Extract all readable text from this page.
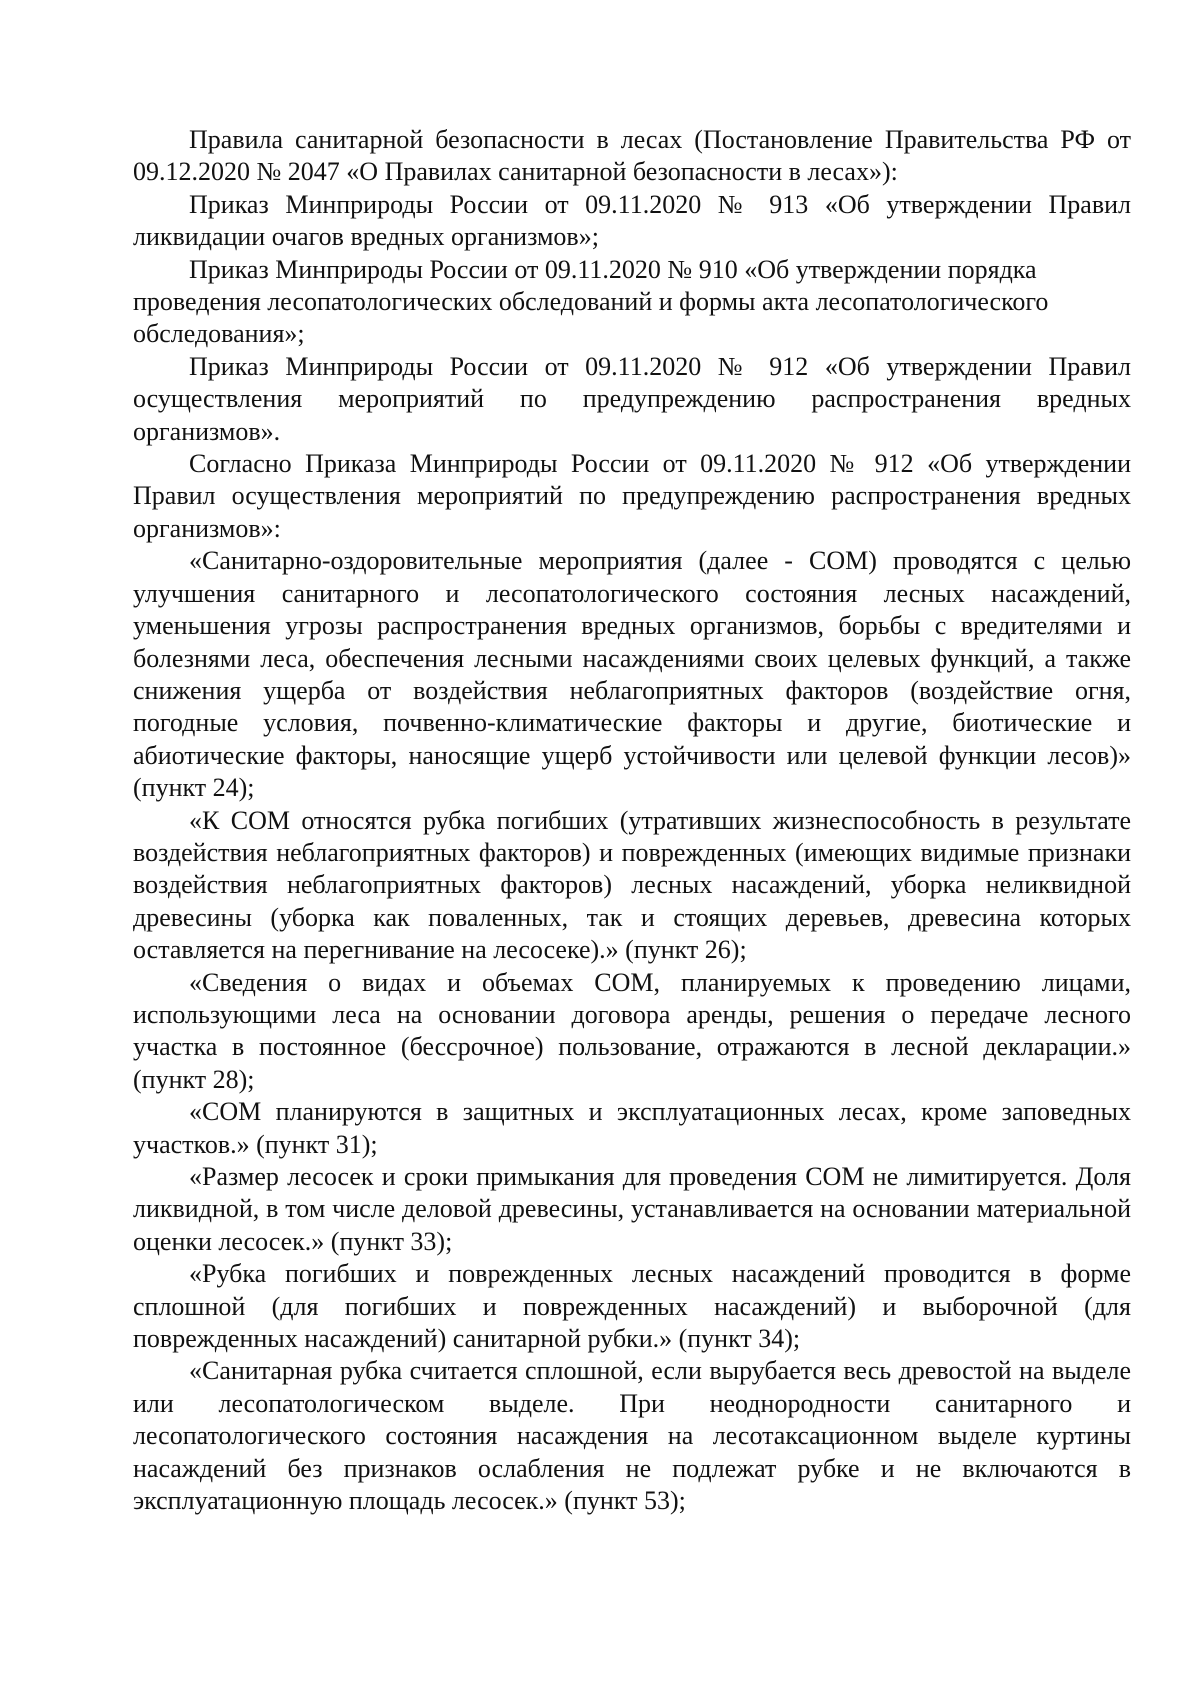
Правила санитарной безопасности в лесах (Постановление Правительства РФ от 09.12.2020 № 2047 «О Правилах санитарной безопасности в лесах»):

Приказ Минприроды России от 09.11.2020 № 913 «Об утверждении Правил ликвидации очагов вредных организмов»;

Приказ Минприроды России от 09.11.2020 № 910 «Об утверждении порядка проведения лесопатологических обследований и формы акта лесопатологического обследования»;

Приказ Минприроды России от 09.11.2020 № 912 «Об утверждении Правил осуществления мероприятий по предупреждению распространения вредных организмов».

Согласно Приказа Минприроды России от 09.11.2020 № 912 «Об утверждении Правил осуществления мероприятий по предупреждению распространения вредных организмов»:

«Санитарно-оздоровительные мероприятия (далее - СОМ) проводятся с целью улучшения санитарного и лесопатологического состояния лесных насаждений, уменьшения угрозы распространения вредных организмов, борьбы с вредителями и болезнями леса, обеспечения лесными насаждениями своих целевых функций, а также снижения ущерба от воздействия неблагоприятных факторов (воздействие огня, погодные условия, почвенно-климатические факторы и другие, биотические и абиотические факторы, наносящие ущерб устойчивости или целевой функции лесов)» (пункт 24);

«К СОМ относятся рубка погибших (утративших жизнеспособность в результате воздействия неблагоприятных факторов) и поврежденных (имеющих видимые признаки воздействия неблагоприятных факторов) лесных насаждений, уборка неликвидной древесины (уборка как поваленных, так и стоящих деревьев, древесина которых оставляется на перегнивание на лесосеке).» (пункт 26);

«Сведения о видах и объемах СОМ, планируемых к проведению лицами, использующими леса на основании договора аренды, решения о передаче лесного участка в постоянное (бессрочное) пользование, отражаются в лесной декларации.» (пункт 28);

«СОМ планируются в защитных и эксплуатационных лесах, кроме заповедных участков.» (пункт 31);

«Размер лесосек и сроки примыкания для проведения СОМ не лимитируется. Доля ликвидной, в том числе деловой древесины, устанавливается на основании материальной оценки лесосек.» (пункт 33);

«Рубка погибших и поврежденных лесных насаждений проводится в форме сплошной (для погибших и поврежденных насаждений) и выборочной (для поврежденных насаждений) санитарной рубки.» (пункт 34);

«Санитарная рубка считается сплошной, если вырубается весь древостой на выделе или лесопатологическом выделе. При неоднородности санитарного и лесопатологического состояния насаждения на лесотаксационном выделе куртины насаждений без признаков ослабления не подлежат рубке и не включаются в эксплуатационную площадь лесосек.» (пункт 53);
